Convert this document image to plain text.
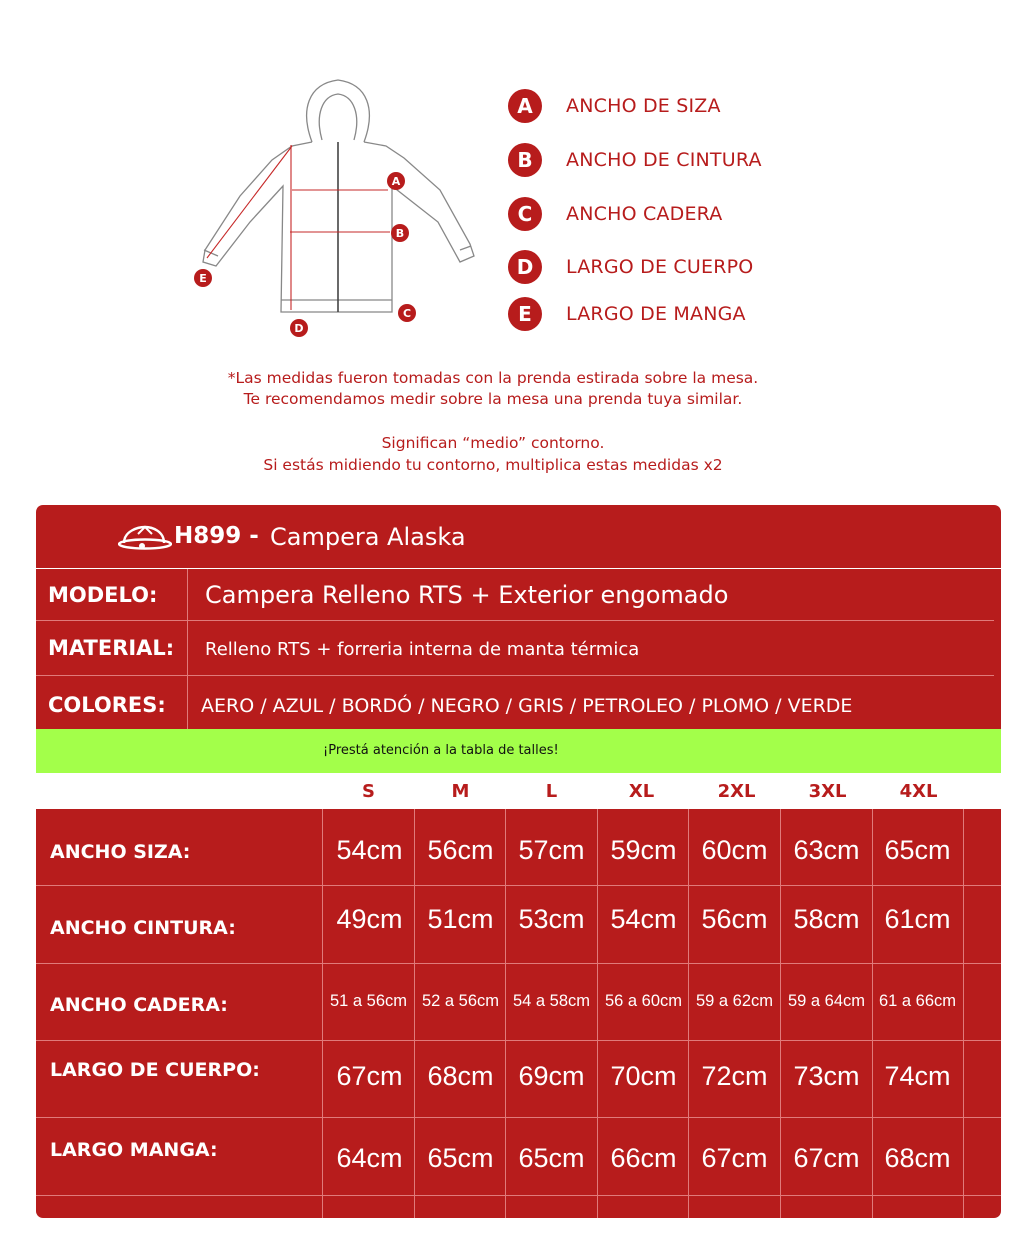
A
B
C
D
E
A	ANCHO DE SIZA
B	ANCHO DE CINTURA
C	ANCHO CADERA
D	LARGO DE CUERPO
E	LARGO DE MANGA
*Las medidas fueron tomadas con la prenda estirada sobre la mesa.
Te recomendamos medir sobre la mesa una prenda tuya similar.
Significan “medio” contorno.
Si estás midiendo tu contorno, multiplica estas medidas x2
H899 - Campera Alaska
MODELO: Campera Relleno RTS + Exterior engomado
MATERIAL: Relleno RTS + forreria interna de manta térmica
COLORES: AERO / AZUL / BORDÓ / NEGRO / GRIS / PETROLEO / PLOMO / VERDE
ANCHO SIZA:	54cm 56cm 57cm 59cm 60cm 63cm 65cm
ANCHO CINTURA:	49cm 51cm 53cm 54cm 56cm 58cm 61cm
ANCHO CADERA:	51 a 56cm 52 a 56cm 54 a 58cm 56 a 60cm 59 a 62cm 59 a 64cm 61 a 66cm
LARGO DE CUERPO:	67cm 68cm 69cm 70cm 72cm 73cm 74cm
LARGO MANGA:	64cm 65cm 65cm 66cm 67cm 67cm 68cm
¡Prestá atención a la tabla de talles!
S	M	L	XL	2XL	3XL	4XL
